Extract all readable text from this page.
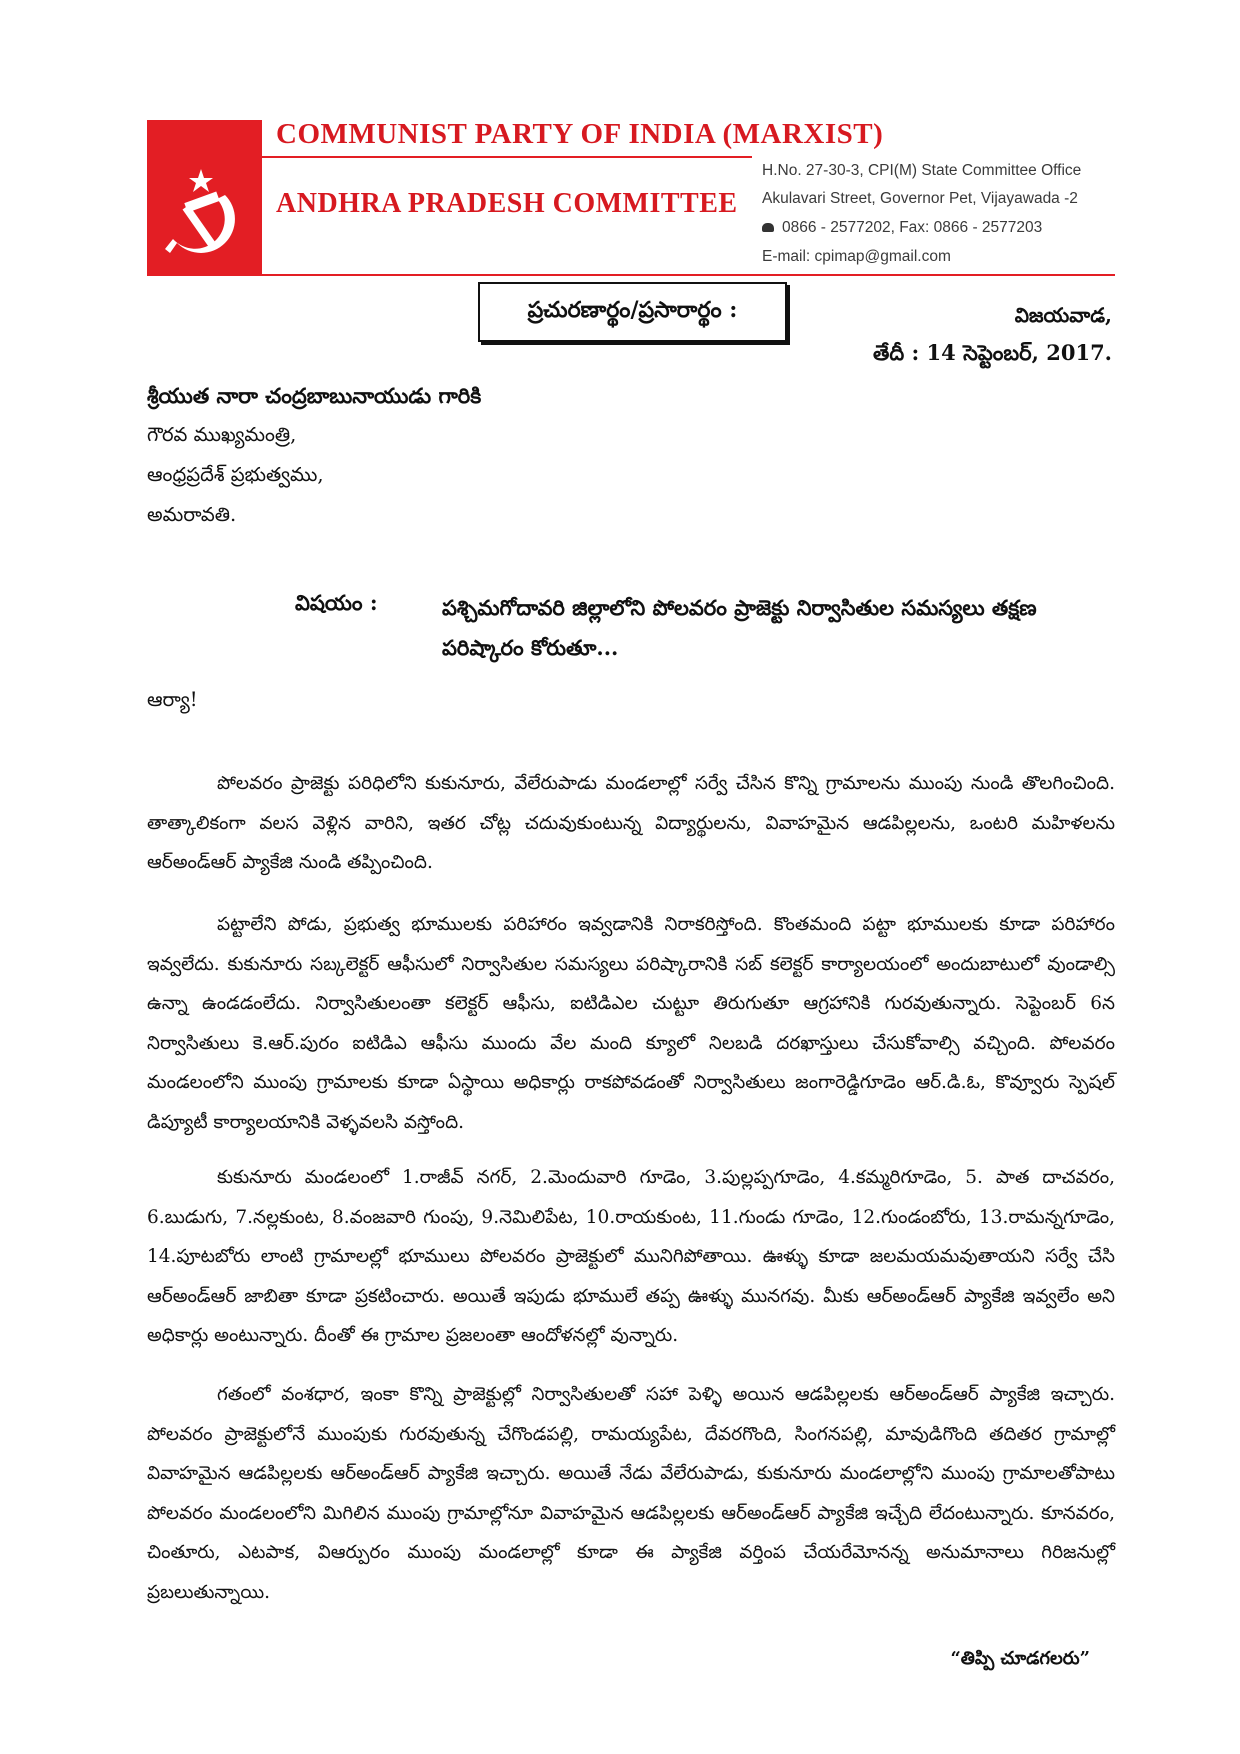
COMMUNIST PARTY OF INDIA (MARXIST)
ANDHRA PRADESH COMMITTEE
H.No. 27-30-3, CPI(M) State Committee Office
Akulavari Street, Governor Pet, Vijayawada -2
0866 - 2577202, Fax: 0866 - 2577203
E-mail: cpimap@gmail.com
ప్రచురణార్థం/ప్రసారార్థం :	విజయవాడ,
తేదీ : 14 సెప్టెంబర్, 2017.
శ్రీయుత నారా చంద్రబాబునాయుడు గారికి
గౌరవ ముఖ్యమంత్రి,
ఆంధ్రప్రదేశ్ ప్రభుత్వము,
అమరావతి.
విషయం :	పశ్చిమగోదావరి జిల్లాలోని పోలవరం ప్రాజెక్టు నిర్వాసితుల సమస్యలు తక్షణ పరిష్కారం కోరుతూ...
ఆర్యా!

పోలవరం ప్రాజెక్టు పరిధిలోని కుకునూరు, వేలేరుపాడు మండలాల్లో సర్వే చేసిన కొన్ని గ్రామాలను ముంపు నుండి తొలగించింది. తాత్కాలికంగా వలస వెళ్లిన వారిని, ఇతర చోట్ల చదువుకుంటున్న విద్యార్థులను, వివాహమైన ఆడపిల్లలను, ఒంటరి మహిళలను ఆర్అండ్ఆర్ ప్యాకేజి నుండి తప్పించింది.

పట్టాలేని పోడు, ప్రభుత్వ భూములకు పరిహారం ఇవ్వడానికి నిరాకరిస్తోంది. కొంతమంది పట్టా భూములకు కూడా పరిహారం ఇవ్వలేదు. కుకునూరు సబ్కలెక్టర్ ఆఫీసులో నిర్వాసితుల సమస్యలు పరిష్కారానికి సబ్ కలెక్టర్ కార్యాలయంలో అందుబాటులో వుండాల్సి ఉన్నా ఉండడంలేదు. నిర్వాసితులంతా కలెక్టర్ ఆఫీసు, ఐటిడిఎల చుట్టూ తిరుగుతూ ఆగ్రహానికి గురవుతున్నారు. సెప్టెంబర్ 6న నిర్వాసితులు కె.ఆర్.పురం ఐటిడిఎ ఆఫీసు ముందు వేల మంది క్యూలో నిలబడి దరఖాస్తులు చేసుకోవాల్సి వచ్చింది. పోలవరం మండలంలోని ముంపు గ్రామాలకు కూడా ఏస్థాయి అధికార్లు రాకపోవడంతో నిర్వాసితులు జంగారెడ్డిగూడెం ఆర్.డి.ఓ, కొవ్వూరు స్పెషల్ డిప్యూటీ కార్యాలయానికి వెళ్ళవలసి వస్తోంది.

కుకునూరు మండలంలో 1.రాజీవ్ నగర్, 2.మెందువారి గూడెం, 3.పుల్లప్పగూడెం, 4.కమ్మరిగూడెం, 5. పాత దాచవరం, 6.బుడుగు, 7.నల్లకుంట, 8.వంజవారి గుంపు, 9.నెమిలిపేట, 10.రాయకుంట, 11.గుండు గూడెం, 12.గుండంబోరు, 13.రామన్నగూడెం, 14.పూటబోరు లాంటి గ్రామాలల్లో భూములు పోలవరం ప్రాజెక్టులో మునిగిపోతాయి. ఊళ్ళు కూడా జలమయమవుతాయని సర్వే చేసి ఆర్అండ్ఆర్ జాబితా కూడా ప్రకటించారు. అయితే ఇపుడు భూములే తప్ప ఊళ్ళు మునగవు. మీకు ఆర్అండ్ఆర్ ప్యాకేజి ఇవ్వలేం అని అధికార్లు అంటున్నారు. దీంతో ఈ గ్రామాల ప్రజలంతా ఆందోళనల్లో వున్నారు.

గతంలో వంశధార, ఇంకా కొన్ని ప్రాజెక్టుల్లో నిర్వాసితులతో సహా పెళ్ళి అయిన ఆడపిల్లలకు ఆర్అండ్ఆర్ ప్యాకేజి ఇచ్చారు. పోలవరం ప్రాజెక్టులోనే ముంపుకు గురవుతున్న చేగొండపల్లి, రామయ్యపేట, దేవరగొంది, సింగనపల్లి, మావుడిగొంది తదితర గ్రామాల్లో వివాహమైన ఆడపిల్లలకు ఆర్అండ్ఆర్ ప్యాకేజి ఇచ్చారు. అయితే నేడు వేలేరుపాడు, కుకునూరు మండలాల్లోని ముంపు గ్రామాలతోపాటు పోలవరం మండలంలోని మిగిలిన ముంపు గ్రామాల్లోనూ వివాహమైన ఆడపిల్లలకు ఆర్అండ్ఆర్ ప్యాకేజి ఇచ్చేది లేదంటున్నారు. కూనవరం, చింతూరు, ఎటపాక, విఆర్పురం ముంపు మండలాల్లో కూడా ఈ ప్యాకేజి వర్తింప చేయరేమోనన్న అనుమానాలు గిరిజనుల్లో ప్రబలుతున్నాయి.

“తిప్పి చూడగలరు”
